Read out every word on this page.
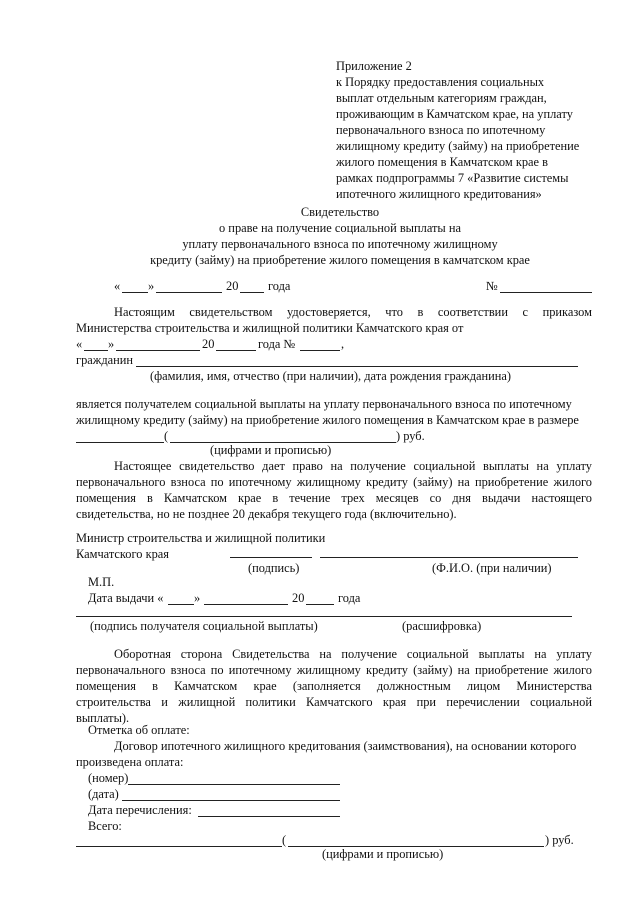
Приложение 2
к Порядку предоставления социальных
выплат отдельным категориям граждан,
проживающим в Камчатском крае, на уплату
первоначального взноса по ипотечному
жилищному кредиту (займу) на приобретение
жилого помещения в Камчатском крае в
рамках подпрограммы 7 «Развитие системы
ипотечного жилищного кредитования»
Свидетельство
о праве на получение социальной выплаты на
уплату первоначального взноса по ипотечному жилищному
кредиту (займу) на приобретение жилого помещения в камчатском крае
« »	20 года	№
Настоящим свидетельством удостоверяется, что в соответствии с приказом
Министерства строительства и жилищной политики Камчатского края от
« »	20	года №	,
гражданин
(фамилия, имя, отчество (при наличии), дата рождения гражданина)
является получателем социальной выплаты на уплату первоначального взноса по ипотечному
жилищному кредиту (займу) на приобретение жилого помещения в Камчатском крае в размере
(	) руб.
(цифрами и прописью)
Настоящее свидетельство дает право на получение социальной выплаты на уплату
первоначального взноса по ипотечному жилищному кредиту (займу) на приобретение жилого
помещения в Камчатском крае в течение трех месяцев со дня выдачи настоящего
свидетельства, но не позднее 20 декабря текущего года (включительно).
Министр строительства и жилищной политики
Камчатского края
(подпись)	(Ф.И.О. (при наличии)
М.П.
Дата выдачи « »	20	года
(подпись получателя социальной выплаты)	(расшифровка)
Оборотная сторона Свидетельства на получение социальной выплаты на уплату
первоначального взноса по ипотечному жилищному кредиту (займу) на приобретение жилого
помещения в Камчатском крае (заполняется должностным лицом Министерства
строительства и жилищной политики Камчатского края при перечислении социальной
выплаты).
Отметка об оплате:
Договор ипотечного жилищного кредитования (заимствования), на основании которого
произведена оплата:
(номер)
(дата)
Дата перечисления:
Всего:
(	) руб.
(цифрами и прописью)
